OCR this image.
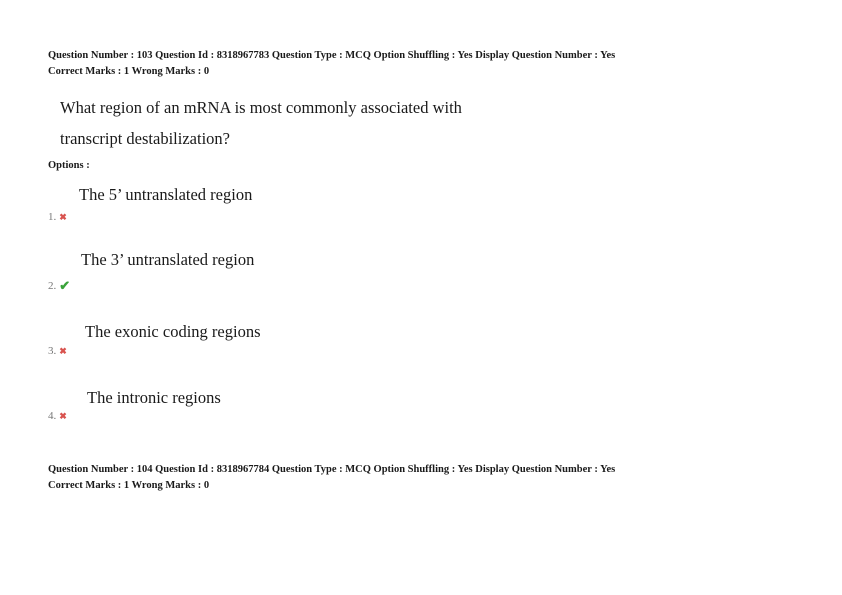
Question Number : 103 Question Id : 8318967783 Question Type : MCQ Option Shuffling : Yes Display Question Number : Yes
Correct Marks : 1 Wrong Marks : 0
What region of an mRNA is most commonly associated with
transcript destabilization?
Options :
The 5’ untranslated region
1. ✖
The 3’ untranslated region
2. ✔
The exonic coding regions
3. ✖
The intronic regions
4. ✖
Question Number : 104 Question Id : 8318967784 Question Type : MCQ Option Shuffling : Yes Display Question Number : Yes
Correct Marks : 1 Wrong Marks : 0
